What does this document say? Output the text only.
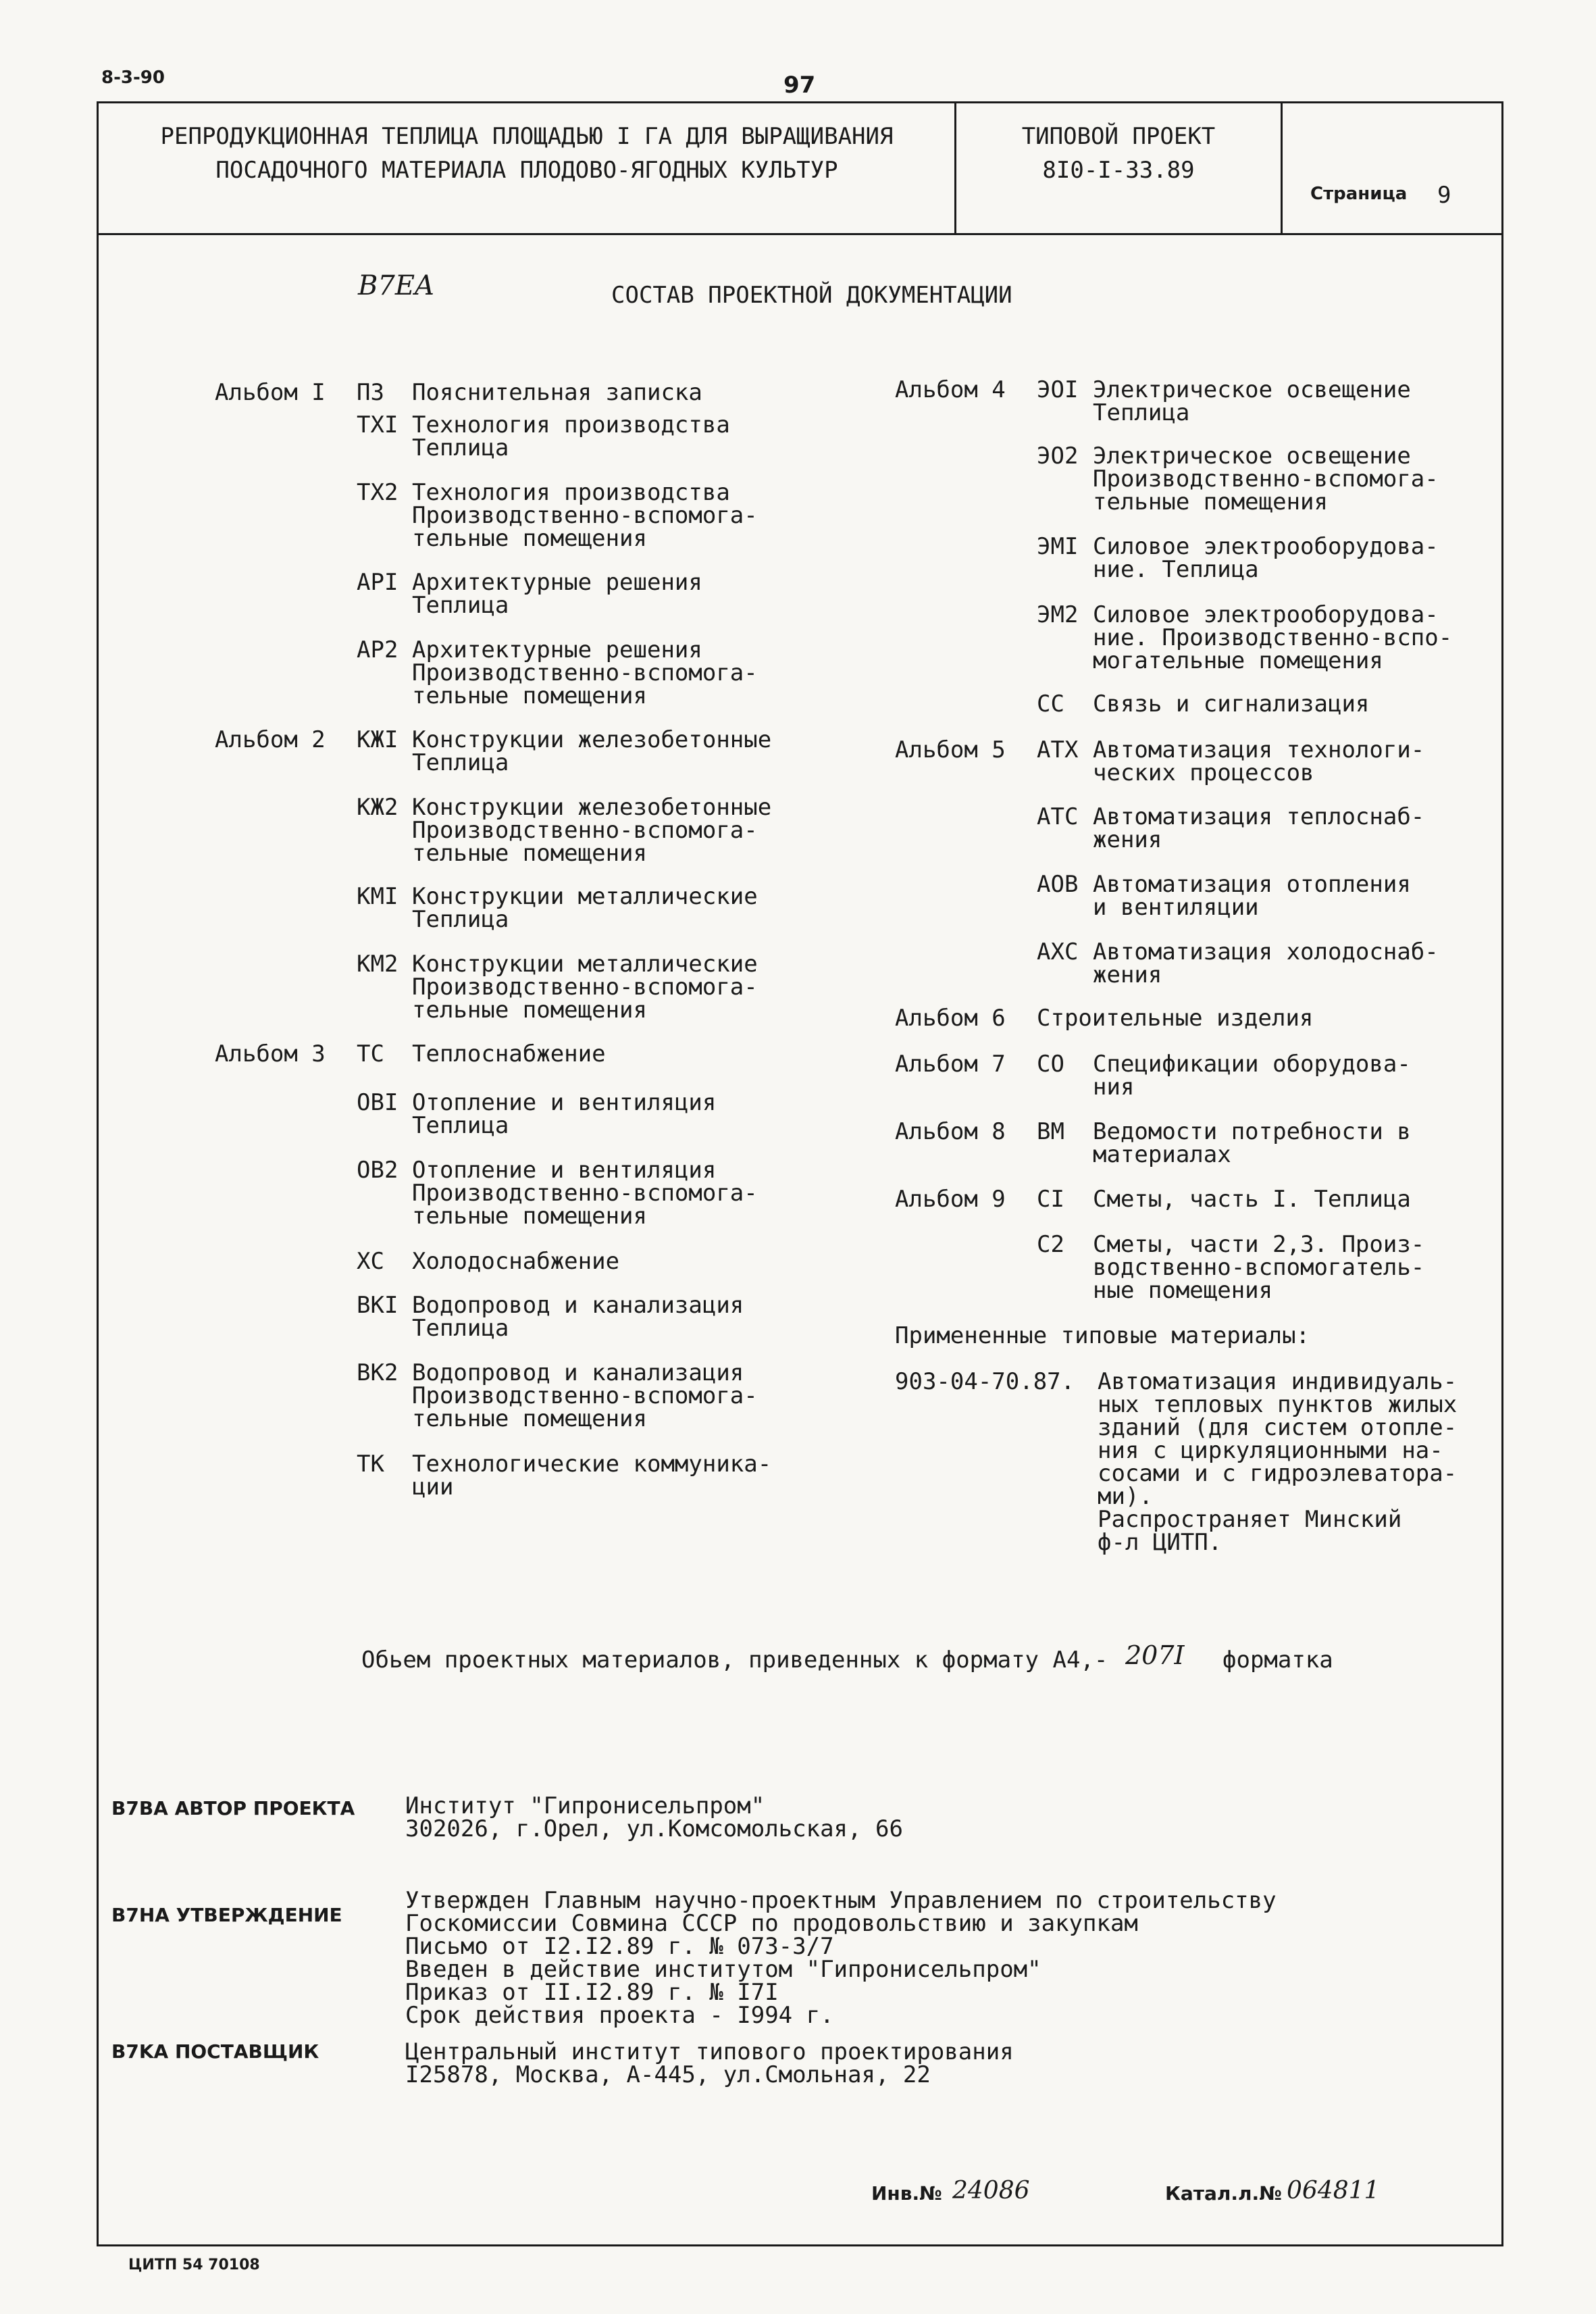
8-3-90	97
РЕПРОДУКЦИОННАЯ ТЕПЛИЦА ПЛОЩАДЬЮ I ГА ДЛЯ ВЫРАЩИВАНИЯ
ПОСАДОЧНОГО МАТЕРИАЛА ПЛОДОВО-ЯГОДНЫХ КУЛЬТУР
ТИПОВОЙ ПРОЕКТ
8I0-I-33.89
Страница 9
B7EA	СОСТАВ ПРОЕКТНОЙ ДОКУМЕНТАЦИИ
Альбом I ПЗ Пояснительная записка
TXI Технология производства
Теплица
TX2 Технология производства
Производственно-вспомога-
тельные помещения
API Архитектурные решения
Теплица
AP2 Архитектурные решения
Производственно-вспомога-
тельные помещения
Альбом 2 КЖI Конструкции железобетонные
Теплица
КЖ2 Конструкции железобетонные
Производственно-вспомога-
тельные помещения
КМI Конструкции металлические
Теплица
КМ2 Конструкции металлические
Производственно-вспомога-
тельные помещения
Альбом 3 ТС Теплоснабжение
OBI Отопление и вентиляция
Теплица
OB2 Отопление и вентиляция
Производственно-вспомога-
тельные помещения
ХС Холодоснабжение
BKI Водопровод и канализация
Теплица
BK2 Водопровод и канализация
Производственно-вспомога-
тельные помещения
ТК Технологические коммуника-
ции
Альбом 4 ЭОI Электрическое освещение
Теплица
ЭО2 Электрическое освещение
Производственно-вспомога-
тельные помещения
ЭМI Силовое электрооборудова-
ние. Теплица
ЭМ2 Силовое электрооборудова-
ние. Производственно-вспо-
могательные помещения
СС Связь и сигнализация
Альбом 5 АТХ Автоматизация технологи-
ческих процессов
АТС Автоматизация теплоснаб-
жения
АОВ Автоматизация отопления
и вентиляции
АХС Автоматизация холодоснаб-
жения
Альбом 6 Строительные изделия
Альбом 7 СО Спецификации оборудова-
ния
Альбом 8 ВМ Ведомости потребности в
материалах
Альбом 9 CI Сметы, часть I. Теплица
C2 Сметы, части 2,3. Произ-
водственно-вспомогатель-
ные помещения
Примененные типовые материалы:
903-04-70.87. Автоматизация индивидуаль-
ных тепловых пунктов жилых
зданий (для систем отопле-
ния с циркуляционными на-
сосами и с гидроэлеватора-
ми).
Распространяет Минский
ф-л ЦИТП.
Обьем проектных материалов, приведенных к формату А4,- 207I форматка
B7BA АВТОР ПРОЕКТА Институт "Гипронисельпром"
302026, г.Орел, ул.Комсомольская, 66
B7HA УТВЕРЖДЕНИЕ
Утвержден Главным научно-проектным Управлением по строительству
Госкомиссии Совмина СССР по продовольствию и закупкам
Письмо от I2.I2.89 г. № 073-3/7
Введен в действие институтом "Гипронисельпром"
Приказ от II.I2.89 г. № I7I
Срок действия проекта - I994 г.
B7KA ПОСТАВЩИК	Центральный институт типового проектирования
I25878, Москва, А-445, ул.Смольная, 22
Инв.№ 24086	Катал.л.№ 064811
ЦИТП 54 70108
